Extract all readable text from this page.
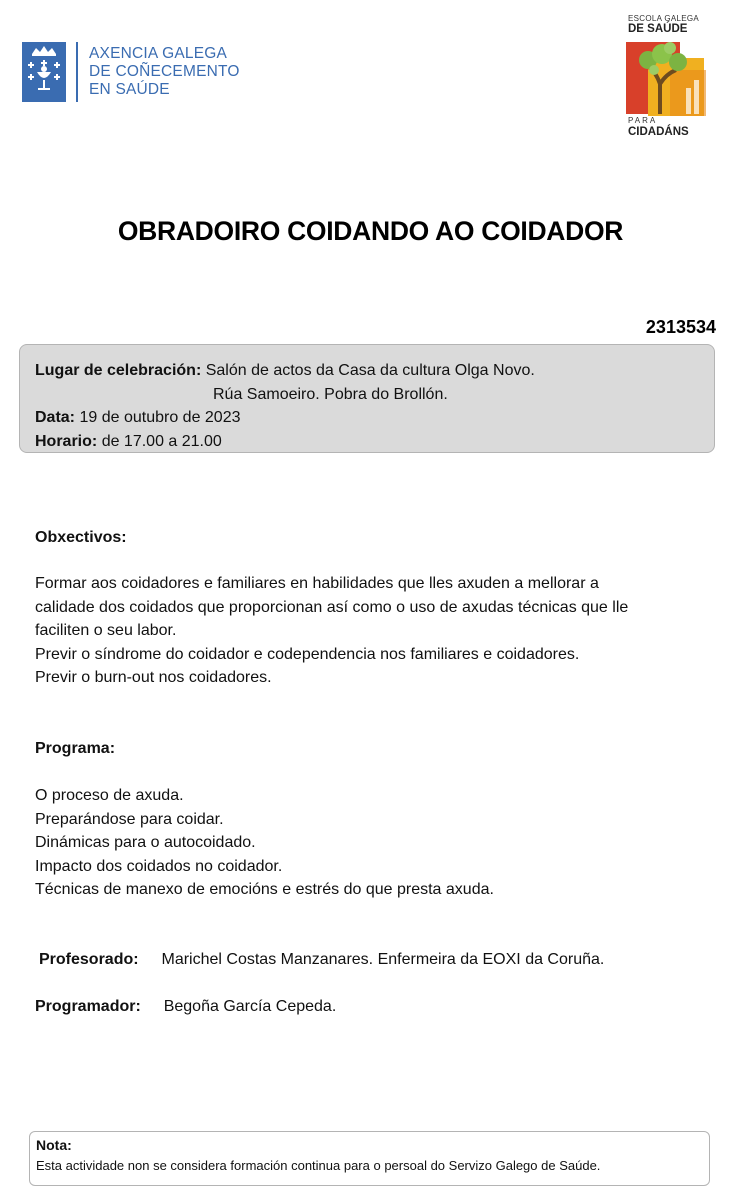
AXENCIA GALEGA
DE COÑECEMENTO
EN SAÚDE
ESCOLA GALEGA
DE SAÚDE
PARA
CIDADÁNS
OBRADOIRO COIDANDO AO COIDADOR
2313534
Lugar de celebración: Salón de actos da Casa da cultura Olga Novo.
Rúa Samoeiro. Pobra do Brollón.
Data: 19 de outubro de 2023
Horario: de 17.00 a 21.00
Obxectivos:
Formar aos coidadores e familiares en habilidades que lles axuden a mellorar a
calidade dos coidados que proporcionan así como o uso de axudas técnicas que lle
faciliten o seu labor.
Previr o síndrome do coidador e codependencia nos familiares e coidadores.
Previr o burn-out nos coidadores.
Programa:
O proceso de axuda.
Preparándose para coidar.
Dinámicas para o autocoidado.
Impacto dos coidados no coidador.
Técnicas de manexo de emocións e estrés do que presta axuda.
Profesorado: Marichel Costas Manzanares. Enfermeira da EOXI da Coruña.
Programador: Begoña García Cepeda.
Nota:
Esta actividade non se considera formación continua para o persoal do Servizo Galego de Saúde.
